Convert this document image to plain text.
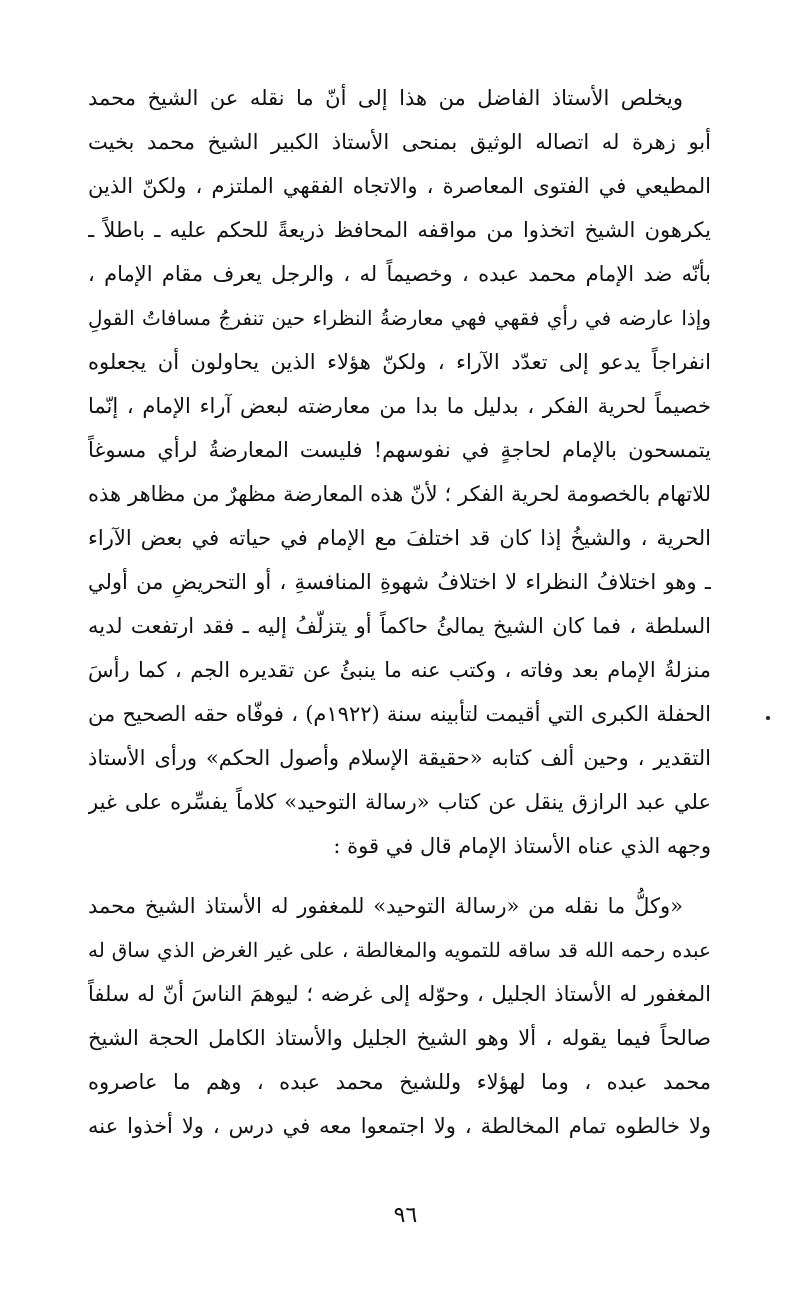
ويخلص الأستاذ الفاضل من هذا إلى أنّ ما نقله عن الشيخ محمد
أبو زهرة له اتصاله الوثيق بمنحى الأستاذ الكبير الشيخ محمد بخيت
المطيعي في الفتوى المعاصرة ، والاتجاه الفقهي الملتزم ، ولكنّ الذين
يكرهون الشيخ اتخذوا من مواقفه المحافظ ذريعةً للحكم عليه ـ باطلاً ـ
بأنّه ضد الإمام محمد عبده ، وخصيماً له ، والرجل يعرف مقام الإمام ،
وإذا عارضه في رأي فقهي فهي معارضةُ النظراء حين تنفرجُ مسافاتُ القولِ
انفراجاً يدعو إلى تعدّد الآراء ، ولكنّ هؤلاء الذين يحاولون أن يجعلوه
خصيماً لحرية الفكر ، بدليل ما بدا من معارضته لبعض آراء الإمام ، إنّما
يتمسحون بالإمام لحاجةٍ في نفوسهم! فليست المعارضةُ لرأي مسوغاً
للاتهام بالخصومة لحرية الفكر ؛ لأنّ هذه المعارضة مظهرٌ من مظاهر هذه
الحرية ، والشيخُ إذا كان قد اختلفَ مع الإمام في حياته في بعض الآراء
ـ وهو اختلافُ النظراء لا اختلافُ شهوةِ المنافسةِ ، أو التحريضِ من أولي
السلطة ، فما كان الشيخ يمالئُ حاكماً أو يتزلّفُ إليه ـ فقد ارتفعت لديه
منزلةُ الإمام بعد وفاته ، وكتب عنه ما ينبئُ عن تقديره الجم ، كما رأسَ
الحفلة الكبرى التي أقيمت لتأبينه سنة (١٩٢٢م) ، فوفّاه حقه الصحيح من
التقدير ، وحين ألف كتابه «حقيقة الإسلام وأصول الحكم» ورأى الأستاذ
علي عبد الرازق ينقل عن كتاب «رسالة التوحيد» كلاماً يفسِّره على غير
وجهه الذي عناه الأستاذ الإمام قال في قوة :
«وكلُّ ما نقله من «رسالة التوحيد» للمغفور له الأستاذ الشيخ محمد
عبده رحمه الله قد ساقه للتمويه والمغالطة ، على غير الغرض الذي ساق له
المغفور له الأستاذ الجليل ، وحوّله إلى غرضه ؛ ليوهمَ الناسَ أنّ له سلفاً
صالحاً فيما يقوله ، ألا وهو الشيخ الجليل والأستاذ الكامل الحجة الشيخ
محمد عبده ، وما لهؤلاء وللشيخ محمد عبده ، وهم ما عاصروه
ولا خالطوه تمام المخالطة ، ولا اجتمعوا معه في درس ، ولا أخذوا عنه
٩٦
